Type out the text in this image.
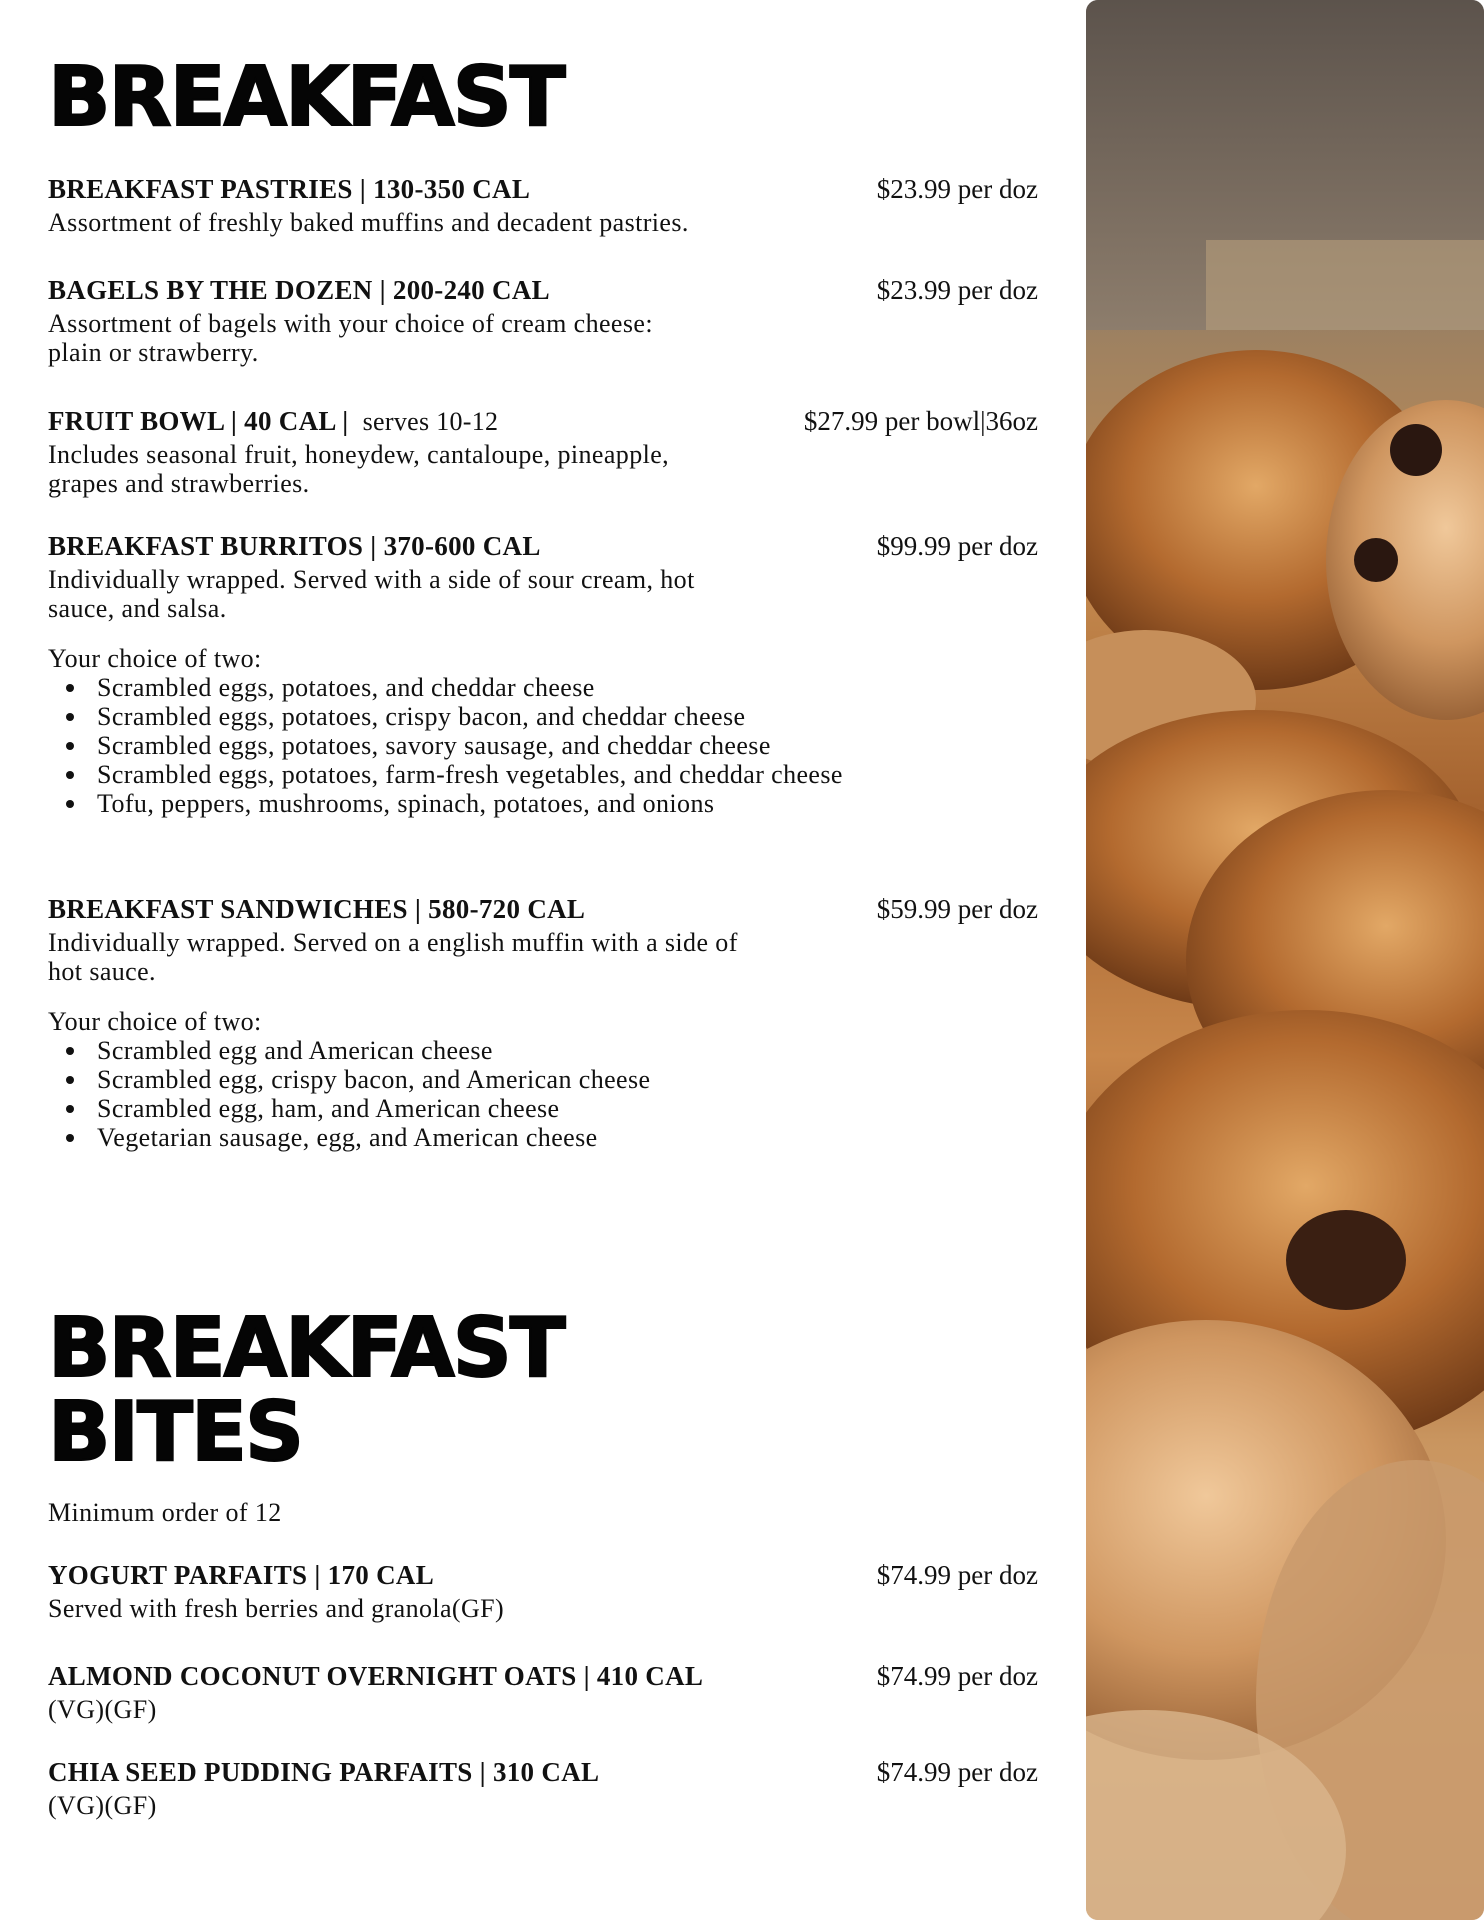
BREAKFAST
BREAKFAST PASTRIES | 130-350 CAL	$23.99 per doz

Assortment of freshly baked muffins and decadent pastries.

BAGELS BY THE DOZEN | 200-240 CAL	$23.99 per doz

Assortment of bagels with your choice of cream cheese:

plain or strawberry.

FRUIT BOWL | 40 CAL | serves 10-12	$27.99 per bowl|36oz

Includes seasonal fruit, honeydew, cantaloupe, pineapple,

grapes and strawberries.

BREAKFAST BURRITOS | 370-600 CAL	$99.99 per doz

Individually wrapped. Served with a side of sour cream, hot

sauce, and salsa.

Your choice of two:

Scrambled eggs, potatoes, and cheddar cheese
Scrambled eggs, potatoes, crispy bacon, and cheddar cheese
Scrambled eggs, potatoes, savory sausage, and cheddar cheese
Scrambled eggs, potatoes, farm-fresh vegetables, and cheddar cheese
Tofu, peppers, mushrooms, spinach, potatoes, and onions
BREAKFAST SANDWICHES | 580-720 CAL	$59.99 per doz

Individually wrapped. Served on a english muffin with a side of

hot sauce.

Your choice of two:

Scrambled egg and American cheese
Scrambled egg, crispy bacon, and American cheese
Scrambled egg, ham, and American cheese
Vegetarian sausage, egg, and American cheese
BREAKFAST
BITES

Minimum order of 12

YOGURT PARFAITS | 170 CAL	$74.99 per doz

Served with fresh berries and granola(GF)

ALMOND COCONUT OVERNIGHT OATS | 410 CAL	$74.99 per doz

(VG)(GF)

CHIA SEED PUDDING PARFAITS | 310 CAL	$74.99 per doz

(VG)(GF)
